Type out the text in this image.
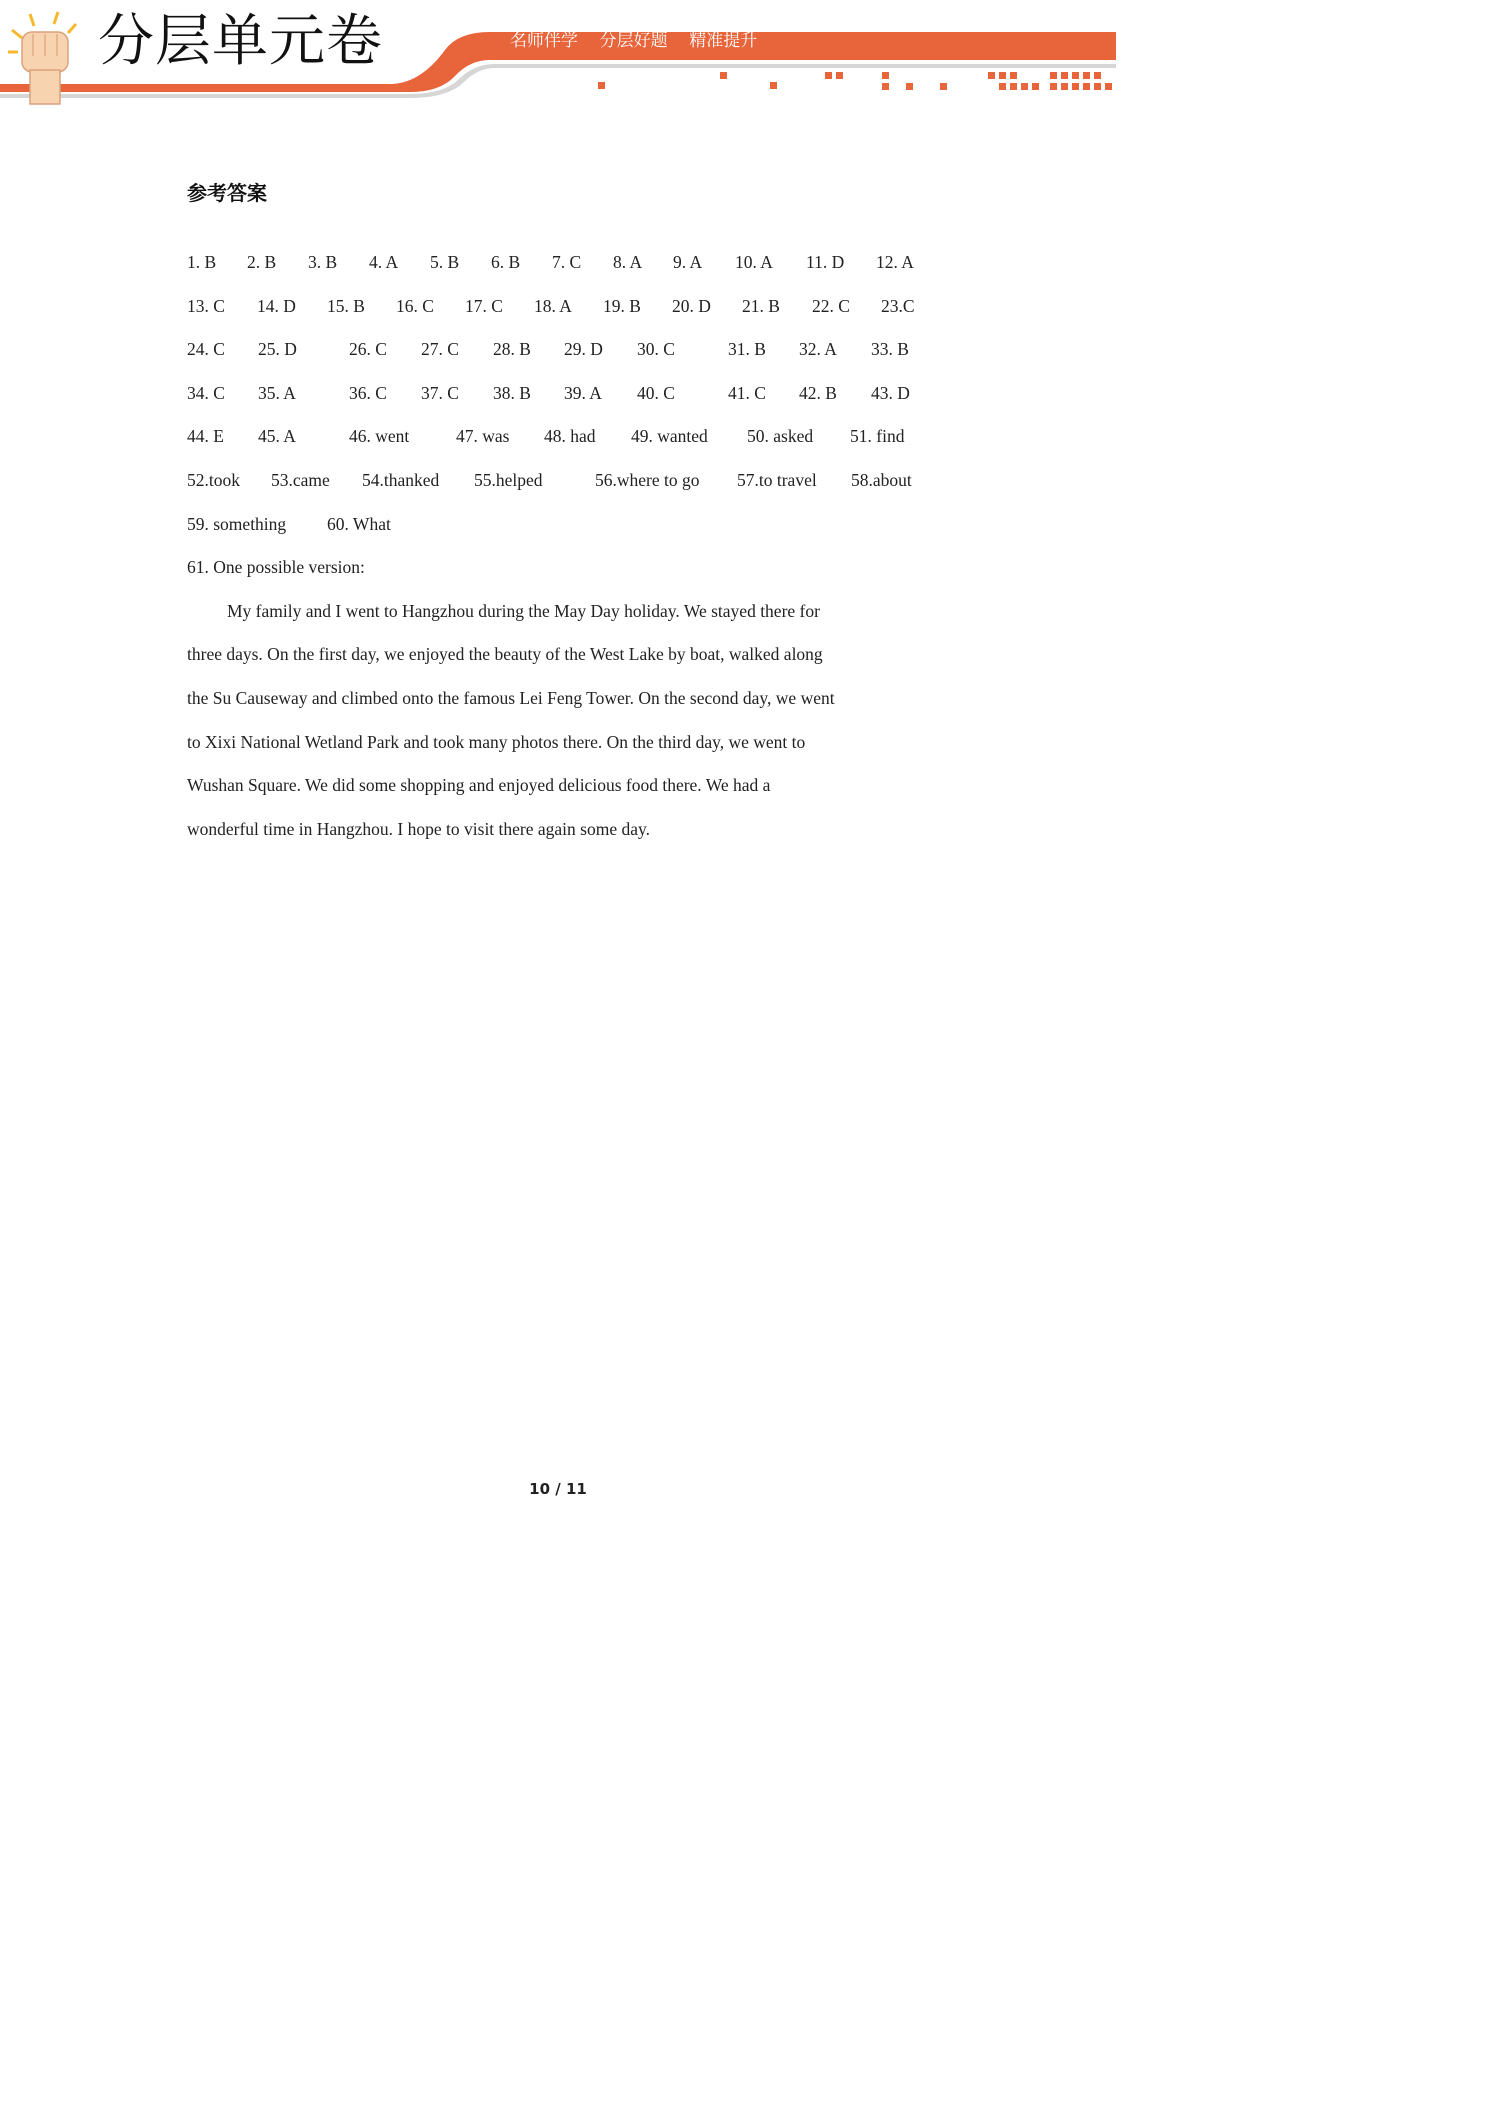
分层单元卷	名师伴学    分层好题    精准提升
参考答案
1. B 2. B 3. B 4. A 5. B 6. B 7. C 8. A 9. A 10. A 11. D 12. A
13. C 14. D 15. B 16. C 17. C 18. A 19. B 20. D 21. B 22. C 23.C
24. C 25. D	26. C 27. C 28. B 29. D 30. C	31. B 32. A 33. B
34. C 35. A	36. C 37. C 38. B 39. A 40. C	41. C 42. B 43. D
44. E 45. A	46. went	47. was 48. had 49. wanted 50. asked 51. find
52.took 53.came 54.thanked 55.helped	56.where to go 57.to travel 58.about
59. something 60. What
61. One possible version:
My family and I went to Hangzhou during the May Day holiday. We stayed there for
three days. On the first day, we enjoyed the beauty of the West Lake by boat, walked along
the Su Causeway and climbed onto the famous Lei Feng Tower. On the second day, we went
to Xixi National Wetland Park and took many photos there. On the third day, we went to
Wushan Square. We did some shopping and enjoyed delicious food there. We had a
wonderful time in Hangzhou. I hope to visit there again some day.
10 / 11
